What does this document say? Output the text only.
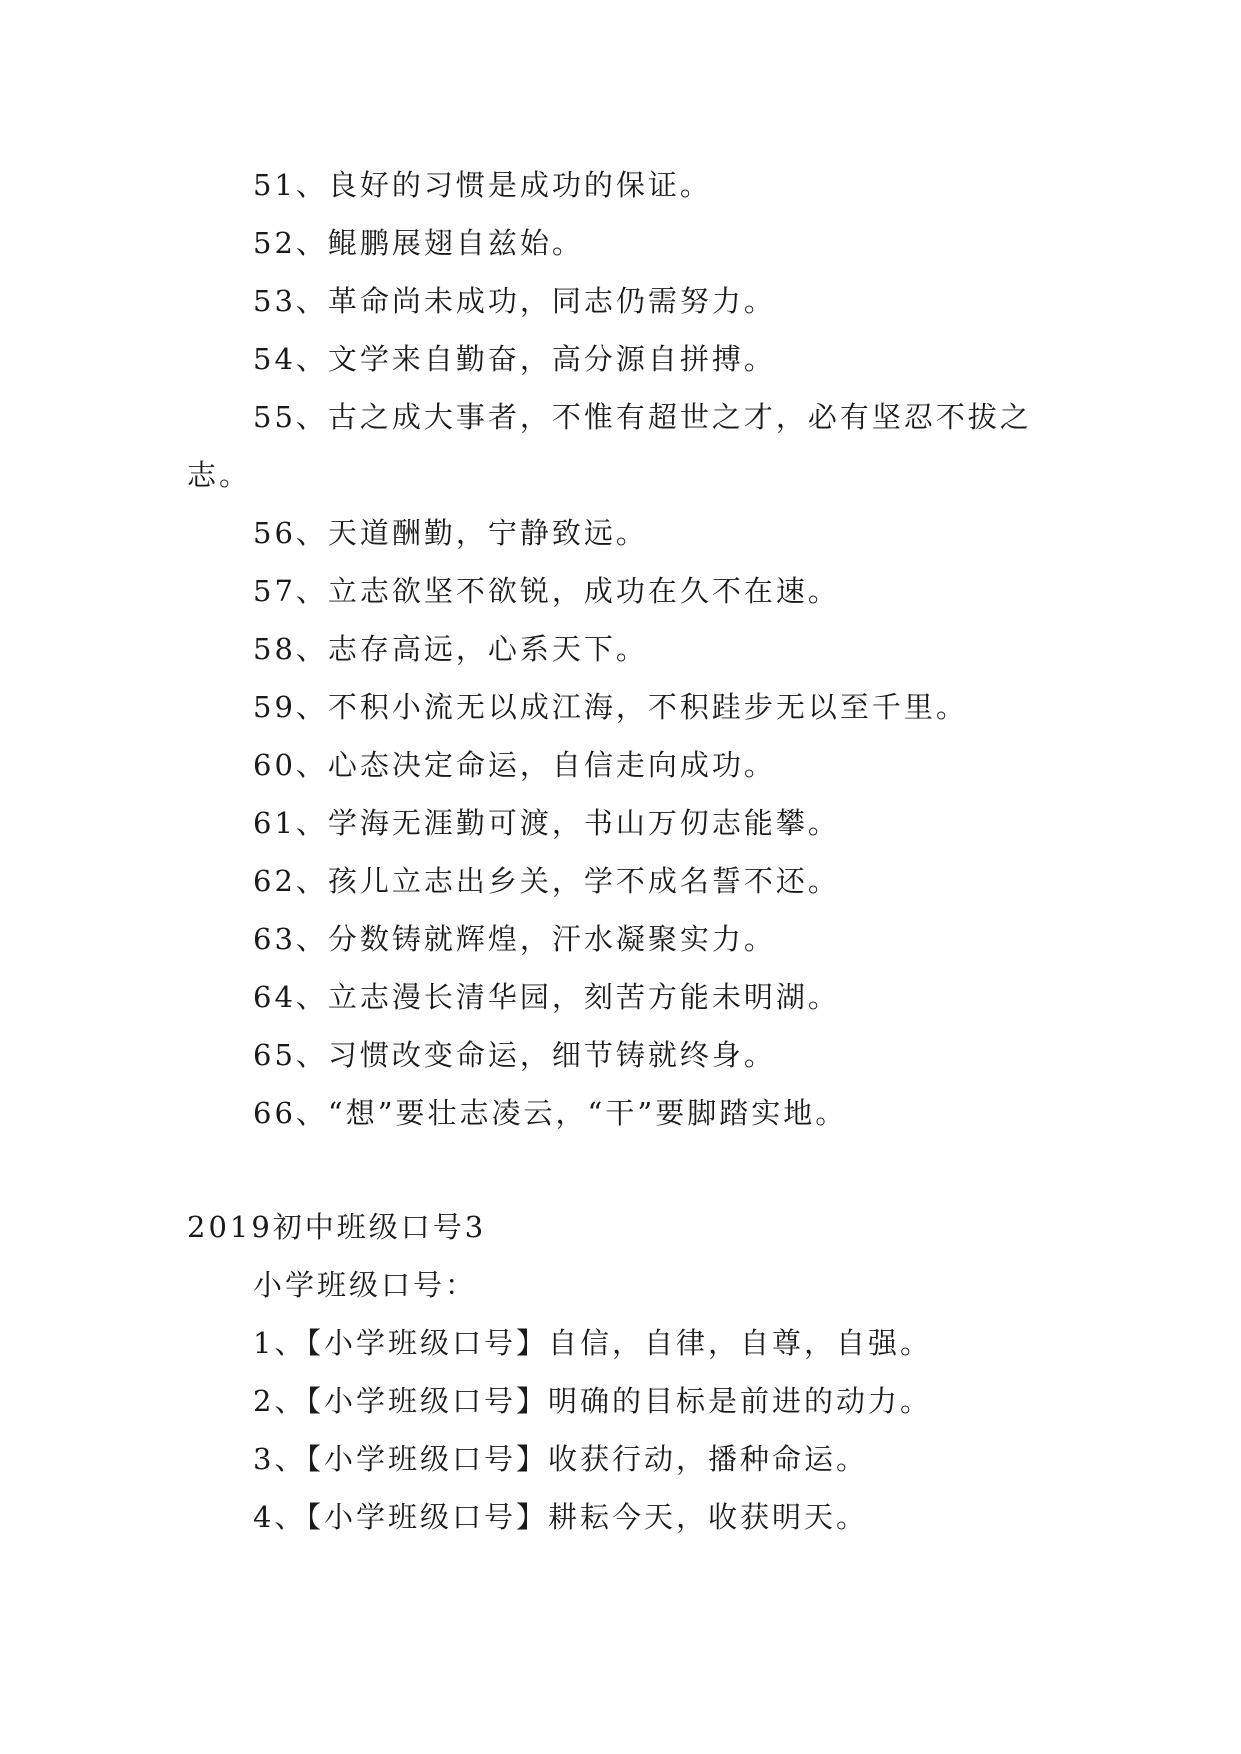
51、良好的习惯是成功的保证。
52、鲲鹏展翅自兹始。
53、革命尚未成功，同志仍需努力。
54、文学来自勤奋，高分源自拼搏。
55、古之成大事者，不惟有超世之才，必有坚忍不拔之
志。
56、天道酬勤，宁静致远。
57、立志欲坚不欲锐，成功在久不在速。
58、志存高远，心系天下。
59、不积小流无以成江海，不积跬步无以至千里。
60、心态决定命运，自信走向成功。
61、学海无涯勤可渡，书山万仞志能攀。
62、孩儿立志出乡关，学不成名誓不还。
63、分数铸就辉煌，汗水凝聚实力。
64、立志漫长清华园，刻苦方能未明湖。
65、习惯改变命运，细节铸就终身。
66、“想”要壮志凌云，“干”要脚踏实地。
2019初中班级口号3
小学班级口号：
1、【小学班级口号】自信，自律，自尊，自强。
2、【小学班级口号】明确的目标是前进的动力。
3、【小学班级口号】收获行动，播种命运。
4、【小学班级口号】耕耘今天，收获明天。
